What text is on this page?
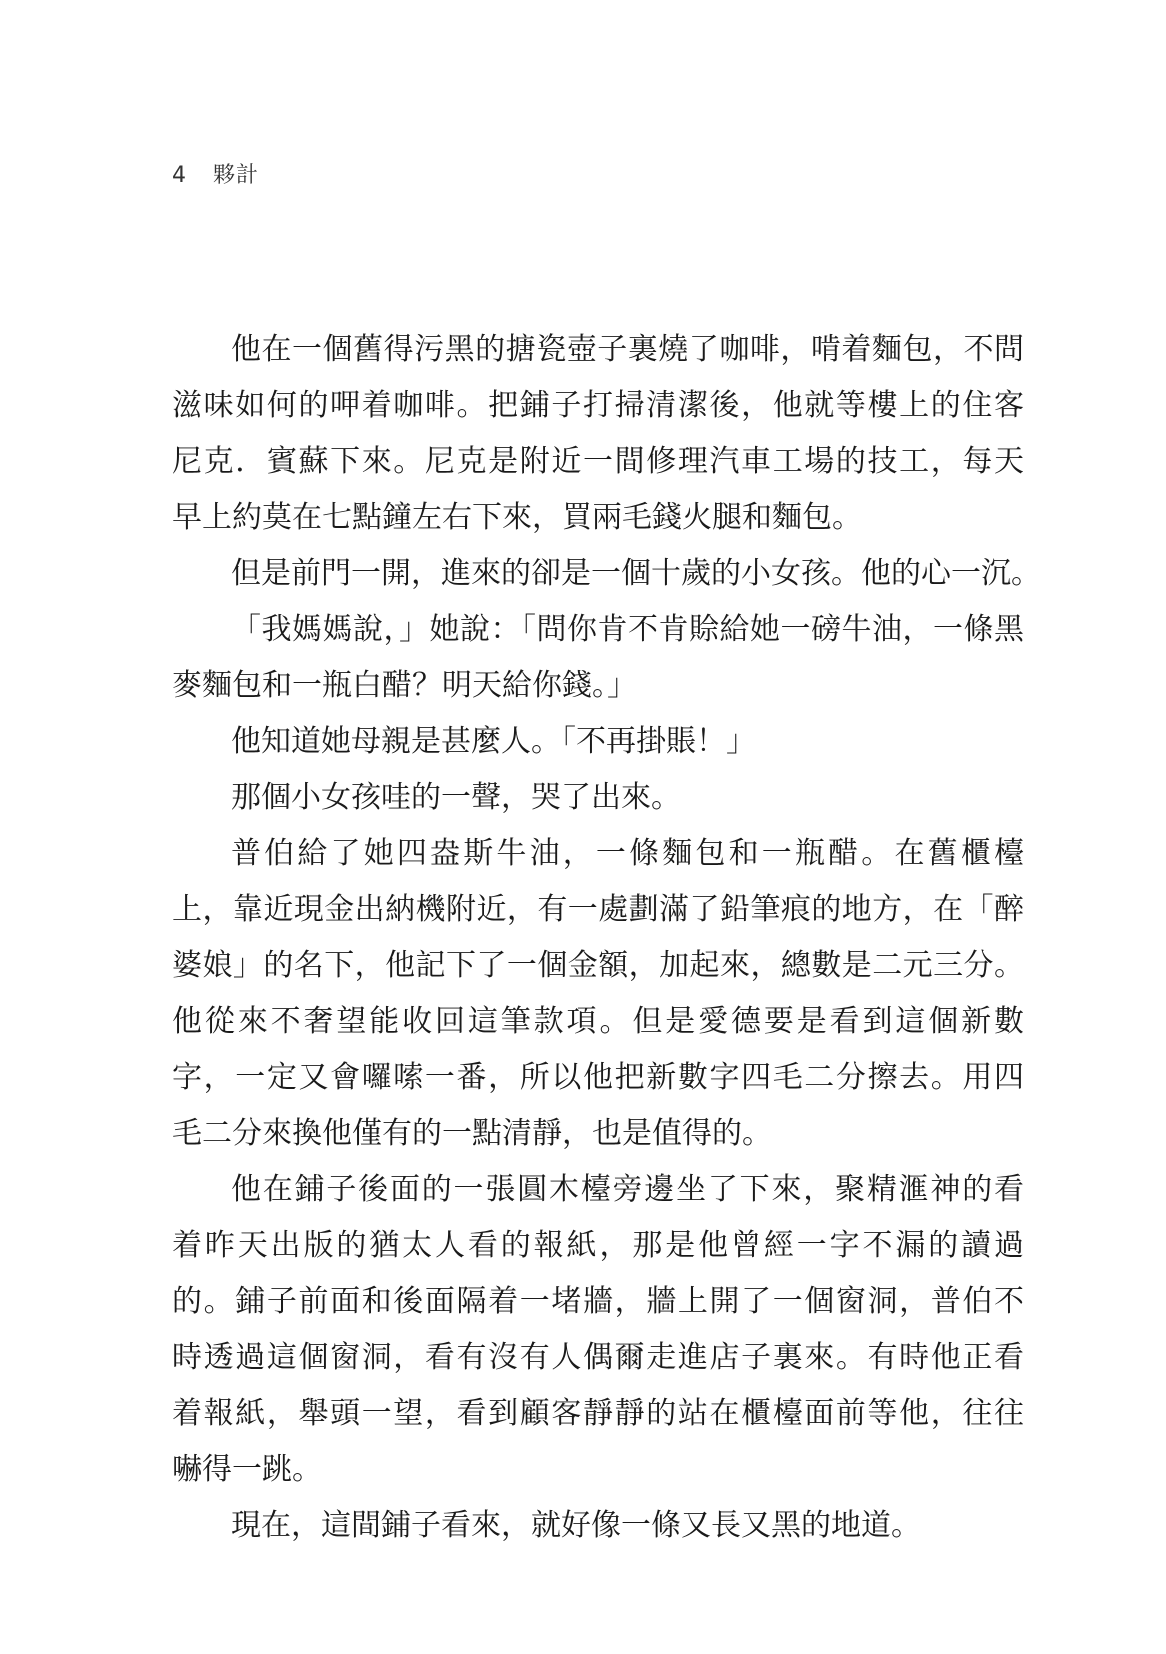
4 夥計
他在一個舊得污黑的搪瓷壺子裏燒了咖啡，啃着麵包，不問
滋味如何的呷着咖啡。把鋪子打掃清潔後，他就等樓上的住客
尼克．賓蘇下來。尼克是附近一間修理汽車工場的技工，每天
早上約莫在七點鐘左右下來，買兩毛錢火腿和麵包。
但是前門一開，進來的卻是一個十歲的小女孩。他的心一沉。
「我媽媽說，」她說：「問你肯不肯賒給她一磅牛油，一條黑
麥麵包和一瓶白醋？明天給你錢。」
他知道她母親是甚麼人。「不再掛賬！」
那個小女孩哇的一聲，哭了出來。
普伯給了她四盎斯牛油，一條麵包和一瓶醋。在舊櫃檯
上，靠近現金出納機附近，有一處劃滿了鉛筆痕的地方，在「醉
婆娘」的名下，他記下了一個金額，加起來，總數是二元三分。
他從來不奢望能收回這筆款項。但是愛德要是看到這個新數
字，一定又會囉嗦一番，所以他把新數字四毛二分擦去。用四
毛二分來換他僅有的一點清靜，也是值得的。
他在鋪子後面的一張圓木檯旁邊坐了下來，聚精滙神的看
着昨天出版的猶太人看的報紙，那是他曾經一字不漏的讀過
的。鋪子前面和後面隔着一堵牆，牆上開了一個窗洞，普伯不
時透過這個窗洞，看有沒有人偶爾走進店子裏來。有時他正看
着報紙，舉頭一望，看到顧客靜靜的站在櫃檯面前等他，往往
嚇得一跳。
現在，這間鋪子看來，就好像一條又長又黑的地道。
